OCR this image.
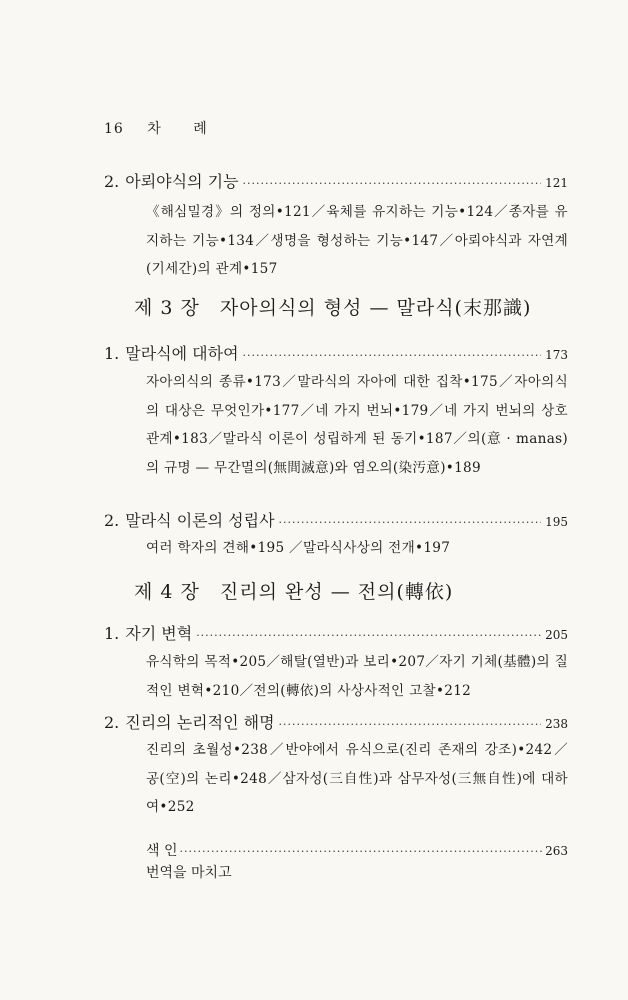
16 차 례
2. 아뢰야식의 기능 ·····	121
《해심밀경》의 정의•121／육체를 유지하는 기능•124／종자를 유지하는 기능•134／생명을 형성하는 기능•147／아뢰야식과 자연계(기세간)의 관계•157
제 3 장 자아의식의 형성 — 말라식(末那識)
1. 말라식에 대하여 ·····	173
자아의식의 종류•173／말라식의 자아에 대한 집착•175／자아의식의 대상은 무엇인가•177／네 가지 번뇌•179／네 가지 번뇌의 상호관계•183／말라식 이론이 성립하게 된 동기•187／의(意 · manas)의 규명 — 무간멸의(無間滅意)와 염오의(染汚意)•189
2. 말라식 이론의 성립사 ·····	195
여러 학자의 견해•195 ／말라식사상의 전개•197
제 4 장 진리의 완성 — 전의(轉依)
1. 자기 변혁 ·····	205
유식학의 목적•205／해탈(열반)과 보리•207／자기 기체(基體)의 질적인 변혁•210／전의(轉依)의 사상사적인 고찰•212
2. 진리의 논리적인 해명 ·····	238
진리의 초월성•238／반야에서 유식으로(진리 존재의 강조)•242／공(空)의 논리•248／삼자성(三自性)과 삼무자성(三無自性)에 대하여•252
색 인 ·····	263
번역을 마치고
